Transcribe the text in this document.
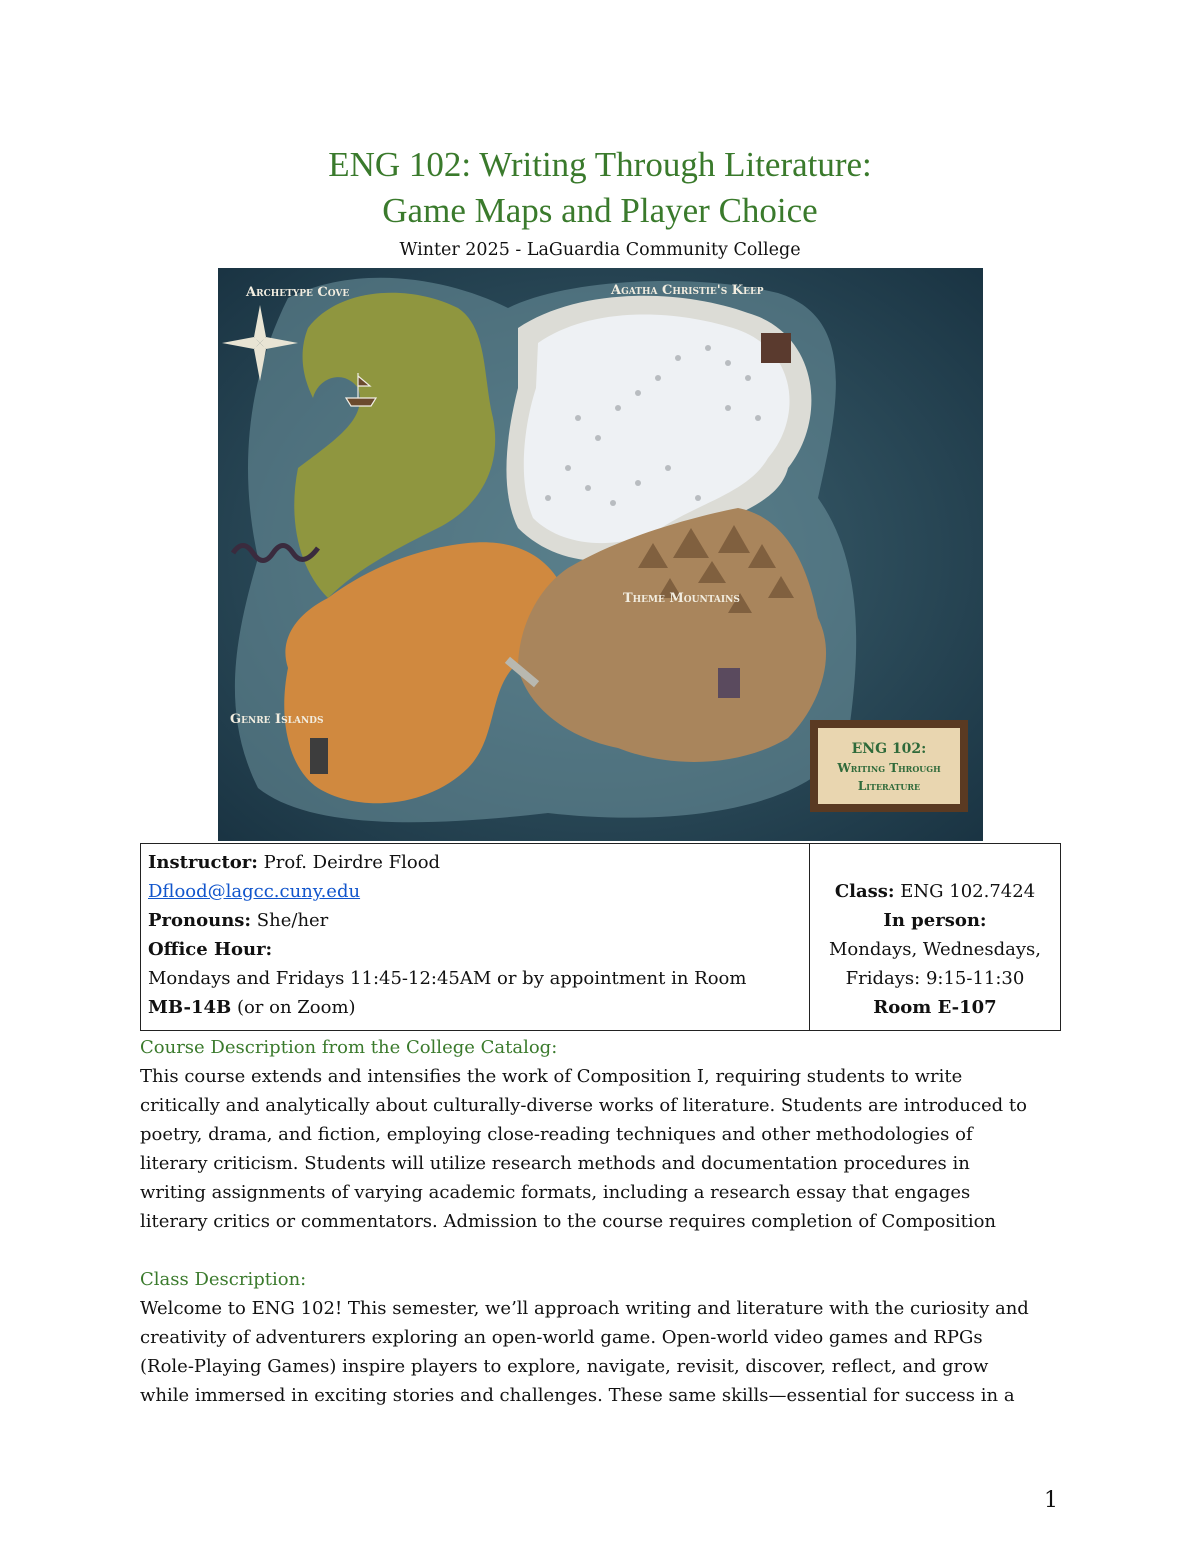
ENG 102: Writing Through Literature:
Game Maps and Player Choice
Winter 2025 - LaGuardia Community College
Archetype Cove	Agatha Christie's Keep
Theme Mountains
Genre Islands
ENG 102:
Writing Through
Literature
Instructor: Prof. Deirdre Flood
Dflood@lagcc.cuny.edu
Pronouns: She/her
Office Hour:
Mondays and Fridays 11:45-12:45AM or by appointment in Room
MB-14B (or on Zoom)
Class: ENG 102.7424
In person:
Mondays, Wednesdays,
Fridays: 9:15-11:30
Room E-107
Course Description from the College Catalog:
This course extends and intensifies the work of Composition I, requiring students to write
critically and analytically about culturally-diverse works of literature. Students are introduced to
poetry, drama, and fiction, employing close-reading techniques and other methodologies of
literary criticism. Students will utilize research methods and documentation procedures in
writing assignments of varying academic formats, including a research essay that engages
literary critics or commentators. Admission to the course requires completion of Composition
Class Description:
Welcome to ENG 102! This semester, we’ll approach writing and literature with the curiosity and
creativity of adventurers exploring an open-world game. Open-world video games and RPGs
(Role-Playing Games) inspire players to explore, navigate, revisit, discover, reflect, and grow
while immersed in exciting stories and challenges. These same skills—essential for success in a
1
